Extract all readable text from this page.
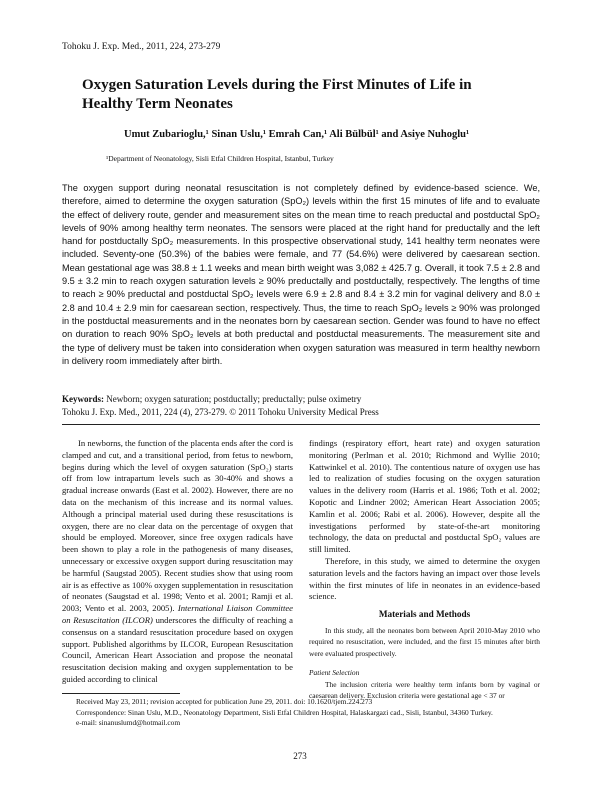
Tohoku J. Exp. Med., 2011, 224, 273-279
Oxygen Saturation Levels during the First Minutes of Life in Healthy Term Neonates
Umut Zubarioglu,¹ Sinan Uslu,¹ Emrah Can,¹ Ali Bülbül¹ and Asiye Nuhoglu¹
¹Department of Neonatology, Sisli Etfal Children Hospital, Istanbul, Turkey
The oxygen support during neonatal resuscitation is not completely defined by evidence-based science. We, therefore, aimed to determine the oxygen saturation (SpO₂) levels within the first 15 minutes of life and to evaluate the effect of delivery route, gender and measurement sites on the mean time to reach preductal and postductal SpO₂ levels of 90% among healthy term neonates. The sensors were placed at the right hand for preductally and the left hand for postductally SpO₂ measurements. In this prospective observational study, 141 healthy term neonates were included. Seventy-one (50.3%) of the babies were female, and 77 (54.6%) were delivered by caesarean section. Mean gestational age was 38.8 ± 1.1 weeks and mean birth weight was 3,082 ± 425.7 g. Overall, it took 7.5 ± 2.8 and 9.5 ± 3.2 min to reach oxygen saturation levels ≥ 90% preductally and postductally, respectively. The lengths of time to reach ≥ 90% preductal and postductal SpO₂ levels were 6.9 ± 2.8 and 8.4 ± 3.2 min for vaginal delivery and 8.0 ± 2.8 and 10.4 ± 2.9 min for caesarean section, respectively. Thus, the time to reach SpO₂ levels ≥ 90% was prolonged in the postductal measurements and in the neonates born by caesarean section. Gender was found to have no effect on duration to reach 90% SpO₂ levels at both preductal and postductal measurements. The measurement site and the type of delivery must be taken into consideration when oxygen saturation was measured in term healthy newborn in delivery room immediately after birth.
Keywords: Newborn; oxygen saturation; postductally; preductally; pulse oximetry
Tohoku J. Exp. Med., 2011, 224 (4), 273-279. © 2011 Tohoku University Medical Press

In newborns, the function of the placenta ends after the cord is clamped and cut, and a transitional period, from fetus to newborn, begins during which the level of oxygen saturation (SpO₂) starts off from low intrapartum levels such as 30-40% and shows a gradual increase onwards (East et al. 2002). However, there are no data on the mechanism of this increase and its normal values. Although a principal material used during these resuscitations is oxygen, there are no clear data on the percentage of oxygen that should be employed. Moreover, since free oxygen radicals have been shown to play a role in the pathogenesis of many diseases, unnecessary or excessive oxygen support during resuscitation may be harmful (Saugstad 2005). Recent studies show that using room air is as effective as 100% oxygen supplementation in resuscitation of neonates (Saugstad et al. 1998; Vento et al. 2001; Ramji et al. 2003; Vento et al. 2003, 2005). International Liaison Committee on Resuscitation (ILCOR) underscores the difficulty of reaching a consensus on a standard resuscitation procedure based on oxygen support. Published algorithms by ILCOR, European Resuscitation Council, American Heart Association and propose the neonatal resuscitation decision making and oxygen supplementation to be guided according to clinical

findings (respiratory effort, heart rate) and oxygen saturation monitoring (Perlman et al. 2010; Richmond and Wyllie 2010; Kattwinkel et al. 2010). The contentious nature of oxygen use has led to realization of studies focusing on the oxygen saturation values in the delivery room (Harris et al. 1986; Toth et al. 2002; Kopotic and Lindner 2002; American Heart Association 2005; Kamlin et al. 2006; Rabi et al. 2006). However, despite all the investigations performed by state-of-the-art monitoring technology, the data on preductal and postductal SpO₂ values are still limited.

Therefore, in this study, we aimed to determine the oxygen saturation levels and the factors having an impact over those levels within the first minutes of life in neonates in an evidence-based science.

Materials and Methods

In this study, all the neonates born between April 2010-May 2010 who required no resuscitation, were included, and the first 15 minutes after birth were evaluated prospectively.

Patient Selection

The inclusion criteria were healthy term infants born by vaginal or caesarean delivery. Exclusion criteria were gestational age < 37 or

Received May 23, 2011; revision accepted for publication June 29, 2011. doi: 10.1620/tjem.224.273
Correspondence: Sinan Uslu, M.D., Neonatology Department, Sisli Etfal Children Hospital, Halaskargazi cad., Sisli, Istanbul, 34360 Turkey.
e-mail: sinanuslumd@hotmail.com
273
